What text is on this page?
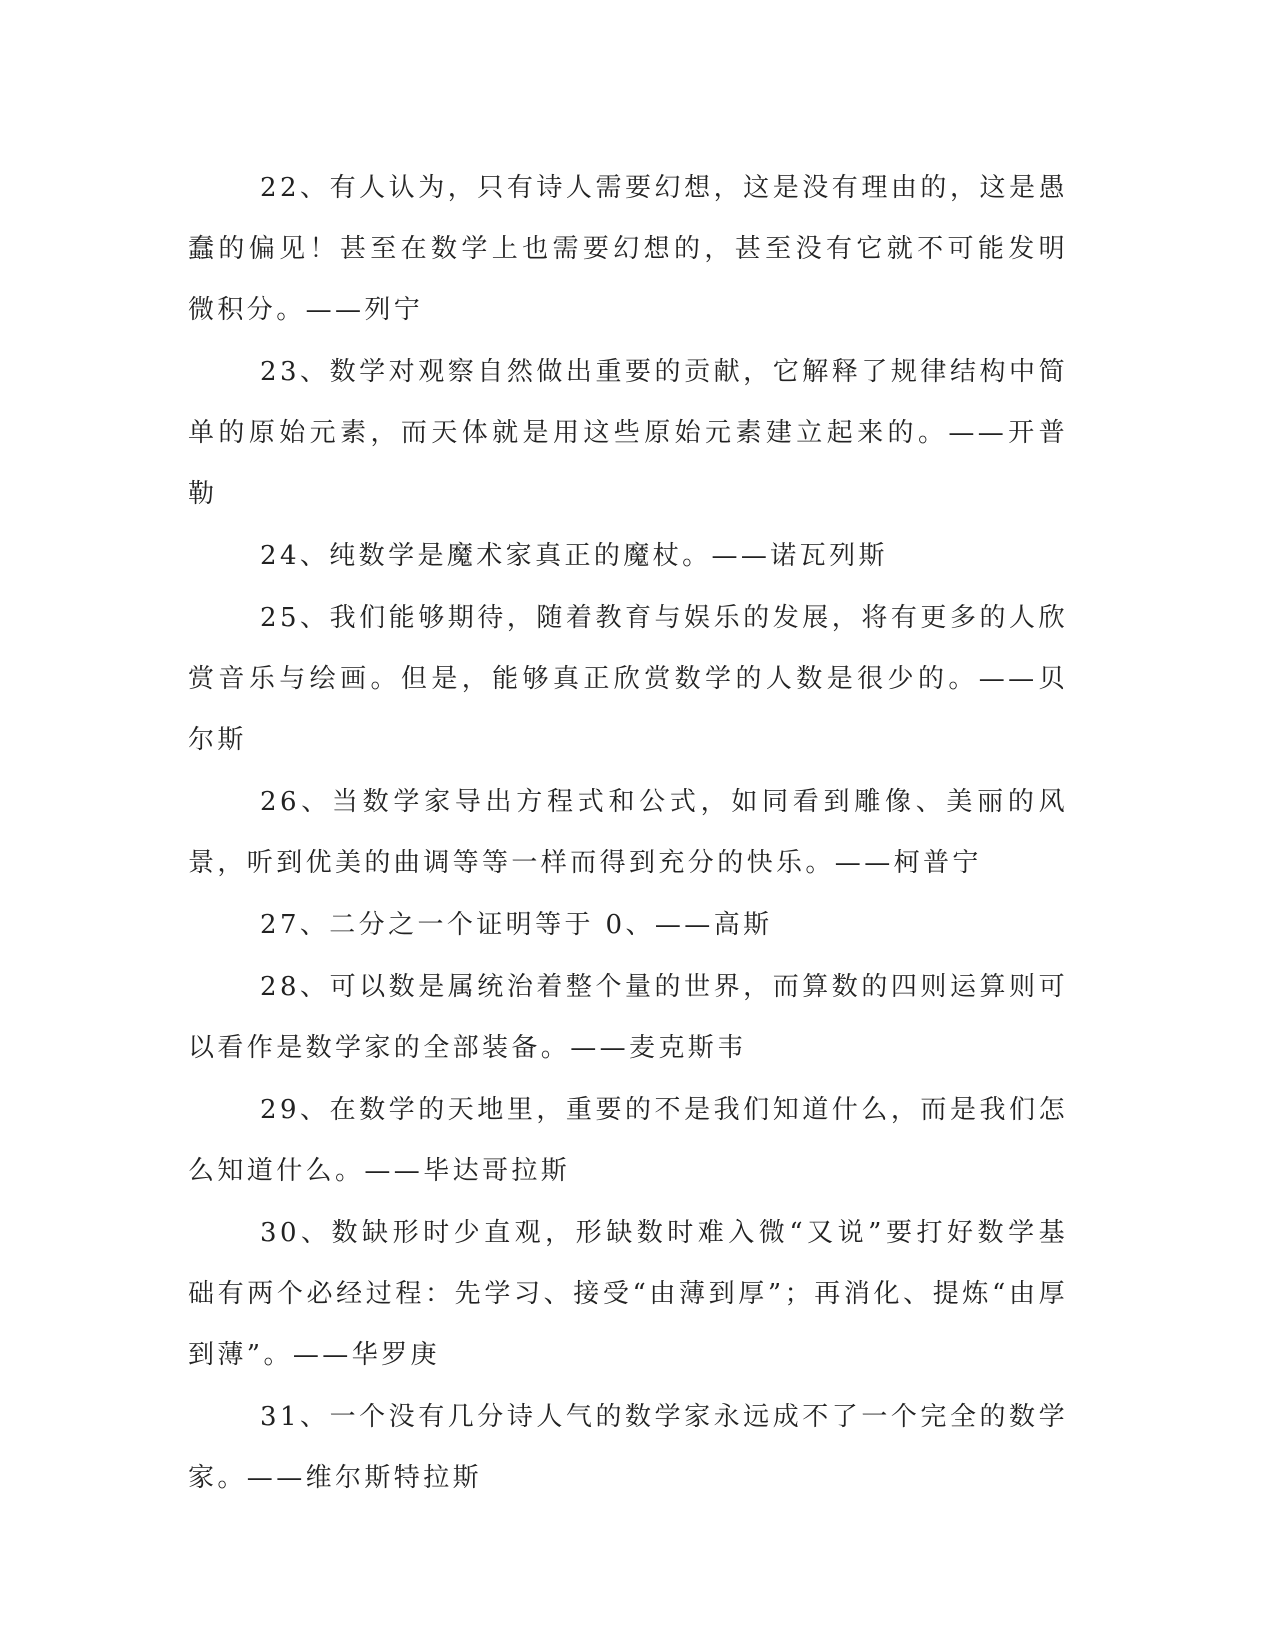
22、有人认为，只有诗人需要幻想，这是没有理由的，这是愚蠢的偏见！甚至在数学上也需要幻想的，甚至没有它就不可能发明微积分。——列宁

23、数学对观察自然做出重要的贡献，它解释了规律结构中简单的原始元素，而天体就是用这些原始元素建立起来的。——开普勒

24、纯数学是魔术家真正的魔杖。——诺瓦列斯

25、我们能够期待，随着教育与娱乐的发展，将有更多的人欣赏音乐与绘画。但是，能够真正欣赏数学的人数是很少的。——贝尔斯

26、当数学家导出方程式和公式，如同看到雕像、美丽的风景，听到优美的曲调等等一样而得到充分的快乐。——柯普宁

27、二分之一个证明等于 0、——高斯

28、可以数是属统治着整个量的世界，而算数的四则运算则可以看作是数学家的全部装备。——麦克斯韦

29、在数学的天地里，重要的不是我们知道什么，而是我们怎么知道什么。——毕达哥拉斯

30、数缺形时少直观，形缺数时难入微“又说”要打好数学基础有两个必经过程：先学习、接受“由薄到厚”；再消化、提炼“由厚到薄”。——华罗庚

31、一个没有几分诗人气的数学家永远成不了一个完全的数学家。——维尔斯特拉斯
